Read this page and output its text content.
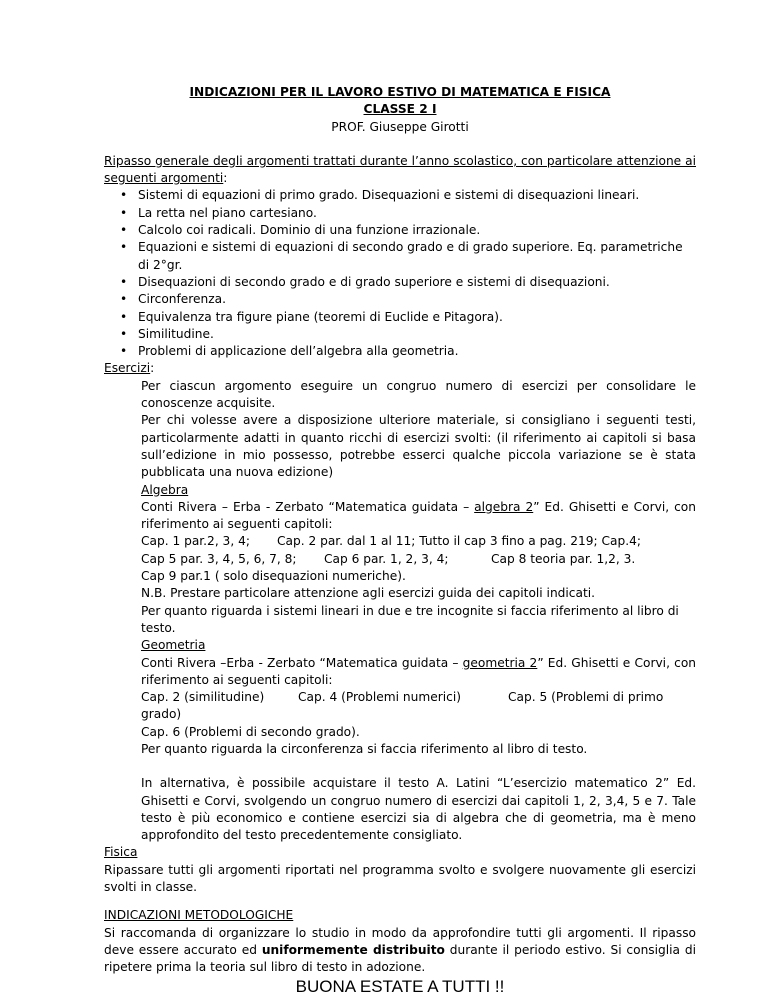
INDICAZIONI PER IL LAVORO ESTIVO DI MATEMATICA E FISICA
CLASSE 2 I
PROF. Giuseppe Girotti

Ripasso generale degli argomenti trattati durante l’anno scolastico, con particolare attenzione ai seguenti argomenti:

• Sistemi di equazioni di primo grado. Disequazioni e sistemi di disequazioni lineari.
• La retta nel piano cartesiano.
• Calcolo coi radicali. Dominio di una funzione irrazionale.
• Equazioni e sistemi di equazioni di secondo grado e di grado superiore. Eq. parametriche di 2°gr.
• Disequazioni di secondo grado e di grado superiore e sistemi di disequazioni.
• Circonferenza.
• Equivalenza tra figure piane (teoremi di Euclide e Pitagora).
• Similitudine.
• Problemi di applicazione dell’algebra alla geometria.

Esercizi:

Per ciascun argomento eseguire un congruo numero di esercizi per consolidare le conoscenze acquisite.

Per chi volesse avere a disposizione ulteriore materiale, si consigliano i seguenti testi, particolarmente adatti in quanto ricchi di esercizi svolti: (il riferimento ai capitoli si basa sull’edizione in mio possesso, potrebbe esserci qualche piccola variazione se è stata pubblicata una nuova edizione)

Algebra

Conti Rivera – Erba - Zerbato “Matematica guidata – algebra 2” Ed. Ghisetti e Corvi, con riferimento ai seguenti capitoli:

Cap. 1 par.2, 3, 4; Cap. 2 par. dal 1 al 11; Tutto il cap 3 fino a pag. 219; Cap.4;

Cap 5 par. 3, 4, 5, 6, 7, 8; Cap 6 par. 1, 2, 3, 4;	Cap 8 teoria par. 1,2, 3.

Cap 9 par.1 ( solo disequazioni numeriche).

N.B. Prestare particolare attenzione agli esercizi guida dei capitoli indicati.

Per quanto riguarda i sistemi lineari in due e tre incognite si faccia riferimento al libro di testo.

Geometria

Conti Rivera –Erba - Zerbato “Matematica guidata – geometria 2” Ed. Ghisetti e Corvi, con riferimento ai seguenti capitoli:

Cap. 2 (similitudine)	Cap. 4 (Problemi numerici)	Cap. 5 (Problemi di primo grado)

Cap. 6 (Problemi di secondo grado).

Per quanto riguarda la circonferenza si faccia riferimento al libro di testo.

In alternativa, è possibile acquistare il testo A. Latini “L’esercizio matematico 2” Ed. Ghisetti e Corvi, svolgendo un congruo numero di esercizi dai capitoli 1, 2, 3,4, 5 e 7. Tale testo è più economico e contiene esercizi sia di algebra che di geometria, ma è meno approfondito del testo precedentemente consigliato.

Fisica

Ripassare tutti gli argomenti riportati nel programma svolto e svolgere nuovamente gli esercizi svolti in classe.

INDICAZIONI METODOLOGICHE

Si raccomanda di organizzare lo studio in modo da approfondire tutti gli argomenti. Il ripasso deve essere accurato ed uniformemente distribuito durante il periodo estivo. Si consiglia di ripetere prima la teoria sul libro di testo in adozione.

BUONA ESTATE A TUTTI !!
